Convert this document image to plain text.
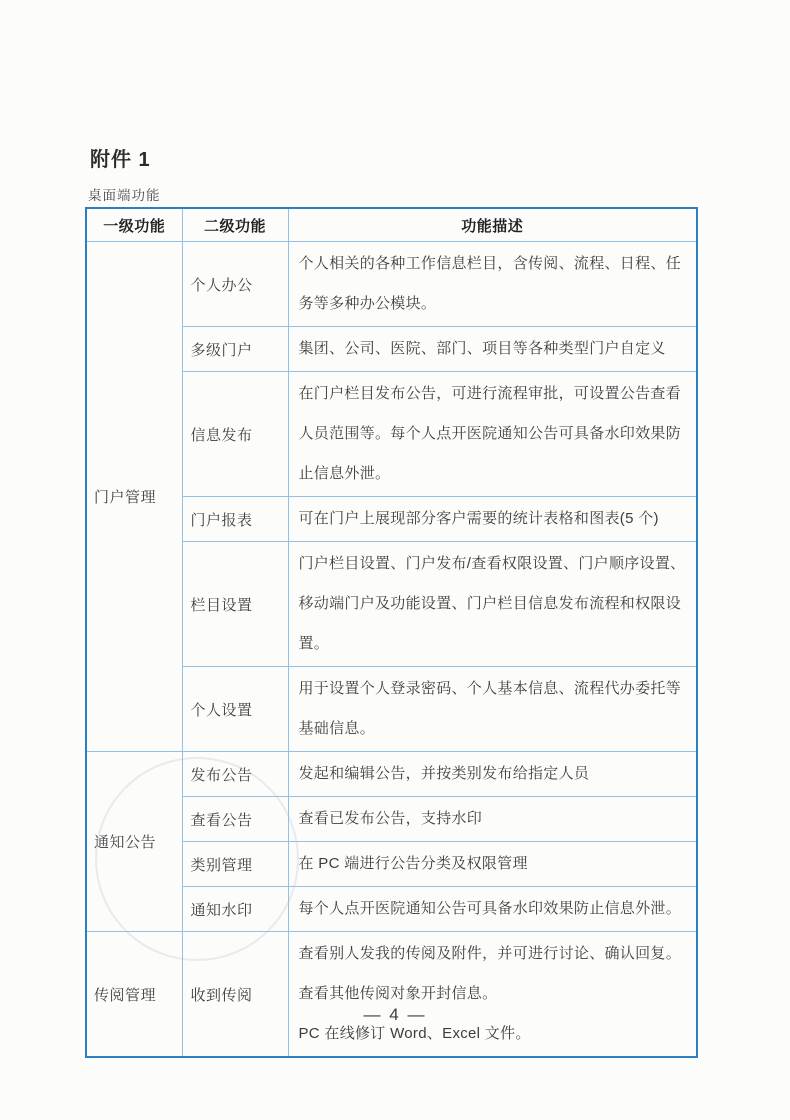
附件 1
桌面端功能
一级功能	二级功能	功能描述
门户管理	个人办公	个人相关的各种工作信息栏目，含传阅、流程、日程、任务等多种办公模块。
	多级门户	集团、公司、医院、部门、项目等各种类型门户自定义
	信息发布	在门户栏目发布公告，可进行流程审批，可设置公告查看人员范围等。每个人点开医院通知公告可具备水印效果防止信息外泄。
	门户报表	可在门户上展现部分客户需要的统计表格和图表(5 个)
	栏目设置	门户栏目设置、门户发布/查看权限设置、门户顺序设置、移动端门户及功能设置、门户栏目信息发布流程和权限设置。
	个人设置	用于设置个人登录密码、个人基本信息、流程代办委托等基础信息。
通知公告	发布公告	发起和编辑公告，并按类别发布给指定人员
	查看公告	查看已发布公告，支持水印
	类别管理	在 PC 端进行公告分类及权限管理
	通知水印	每个人点开医院通知公告可具备水印效果防止信息外泄。
传阅管理	收到传阅	查看别人发我的传阅及附件，并可进行讨论、确认回复。

查看其他传阅对象开封信息。

PC 在线修订 Word、Excel 文件。

— 4 —
